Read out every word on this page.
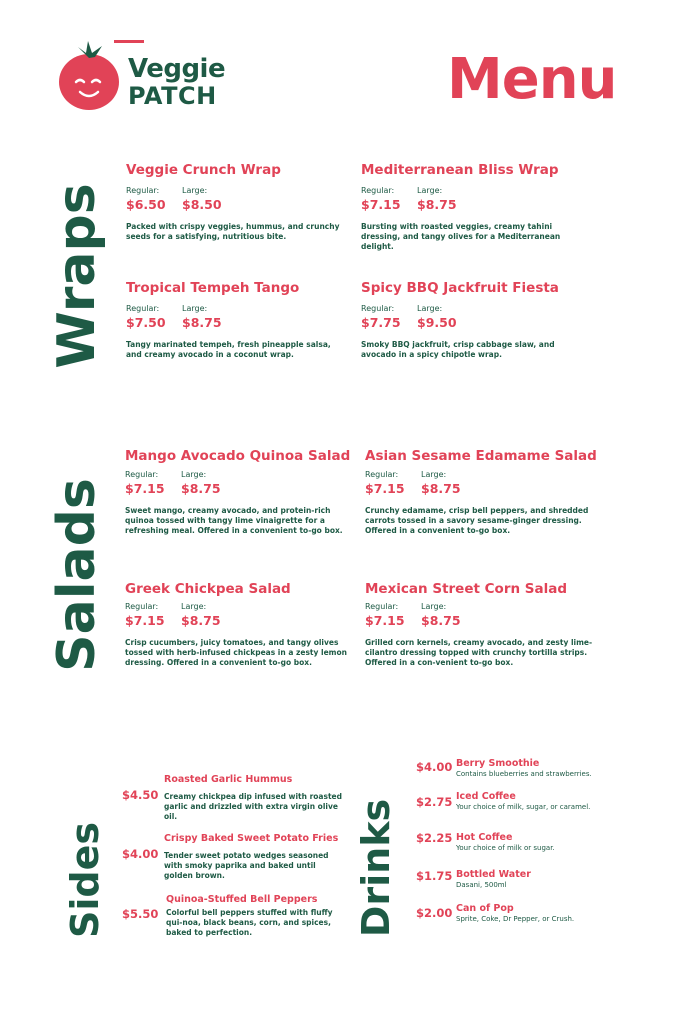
Veggie
PATCH	Menu
Wraps
Salads
Sides	Drinks
Veggie Crunch Wrap
Regular:
$6.50
Large:
$8.50
Packed with crispy veggies, hummus, and crunchy seeds for a satisfying, nutritious bite.
Mediterranean Bliss Wrap
Regular:
$7.15
Large:
$8.75
Bursting with roasted veggies, creamy tahini dressing, and tangy olives for a Mediterranean delight.
Tropical Tempeh Tango
Regular:
$7.50
Large:
$8.75
Tangy marinated tempeh, fresh pineapple salsa, and creamy avocado in a coconut wrap.
Spicy BBQ Jackfruit Fiesta
Regular:
$7.75
Large:
$9.50
Smoky BBQ jackfruit, crisp cabbage slaw, and avocado in a spicy chipotle wrap.
Mango Avocado Quinoa Salad
Regular:
$7.15
Large:
$8.75
Sweet mango, creamy avocado, and protein-rich quinoa tossed with tangy lime vinaigrette for a refreshing meal. Offered in a convenient to-go box.
Asian Sesame Edamame Salad
Regular:
$7.15
Large:
$8.75
Crunchy edamame, crisp bell peppers, and shredded carrots tossed in a savory sesame-ginger dressing. Offered in a convenient to-go box.
Greek Chickpea Salad
Regular:
$7.15
Large:
$8.75
Crisp cucumbers, juicy tomatoes, and tangy olives tossed with herb-infused chickpeas in a zesty lemon dressing. Offered in a convenient to-go box.
Mexican Street Corn Salad
Regular:
$7.15
Large:
$8.75
Grilled corn kernels, creamy avocado, and zesty lime-cilantro dressing topped with crunchy tortilla strips. Offered in a con-venient to-go box.
Roasted Garlic Hummus
$4.50 Creamy chickpea dip infused with roasted garlic and drizzled with extra virgin olive oil.
Crispy Baked Sweet Potato Fries
$4.00 Tender sweet potato wedges seasoned with smoky paprika and baked until golden brown.
Quinoa-Stuffed Bell Peppers
$5.50 Colorful bell peppers stuffed with fluffy qui-noa, black beans, corn, and spices, baked to perfection.
$4.00 Berry Smoothie
Contains blueberries and strawberries.
$2.75 Iced Coffee
Your choice of milk, sugar, or caramel.
$2.25 Hot Coffee
Your choice of milk or sugar.
$1.75 Bottled Water
Dasani, 500ml
$2.00 Can of Pop
Sprite, Coke, Dr Pepper, or Crush.
